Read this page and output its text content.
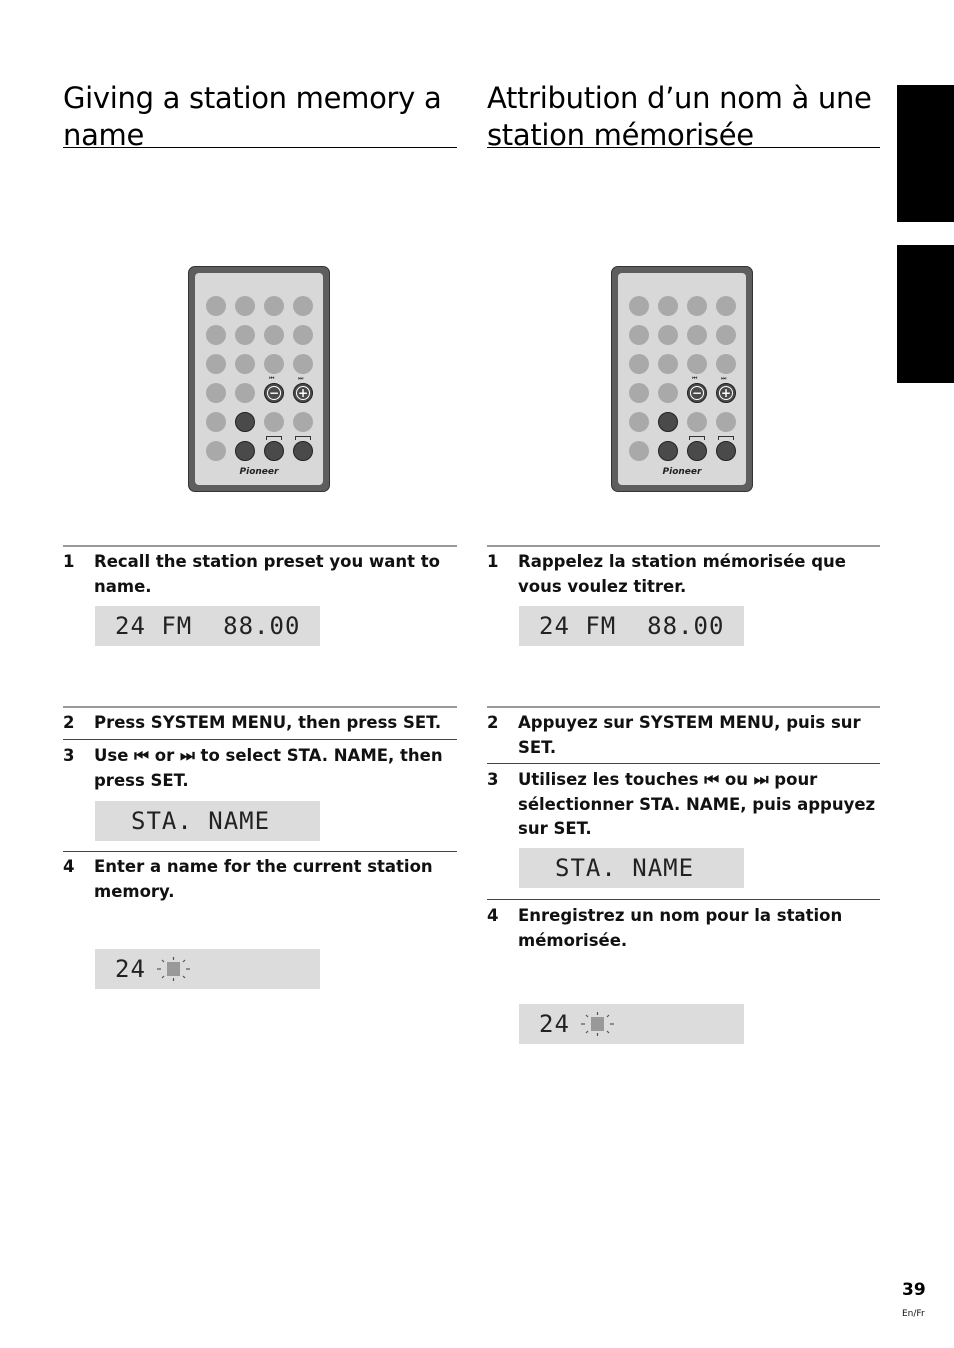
Giving a station memory a name
⏮	⏭
− +
Pioneer
1	Recall the station preset you want to name.

24 FM  88.00

2	Press SYSTEM MENU, then press SET.
3	Use ⏮ or ⏭ to select STA. NAME, then press SET.

STA. NAME

4	Enter a name for the current station memory.

24

Attribution d’un nom à une station mémorisée
⏮	⏭
− +
Pioneer
1	Rappelez la station mémorisée que vous voulez titrer.

24 FM  88.00

2	Appuyez sur SYSTEM MENU, puis sur SET.
3	Utilisez les touches ⏮ ou ⏭ pour sélectionner STA. NAME, puis appuyez sur SET.

STA. NAME

4	Enregistrez un nom pour la station mémorisée.

24

39
En/Fr
